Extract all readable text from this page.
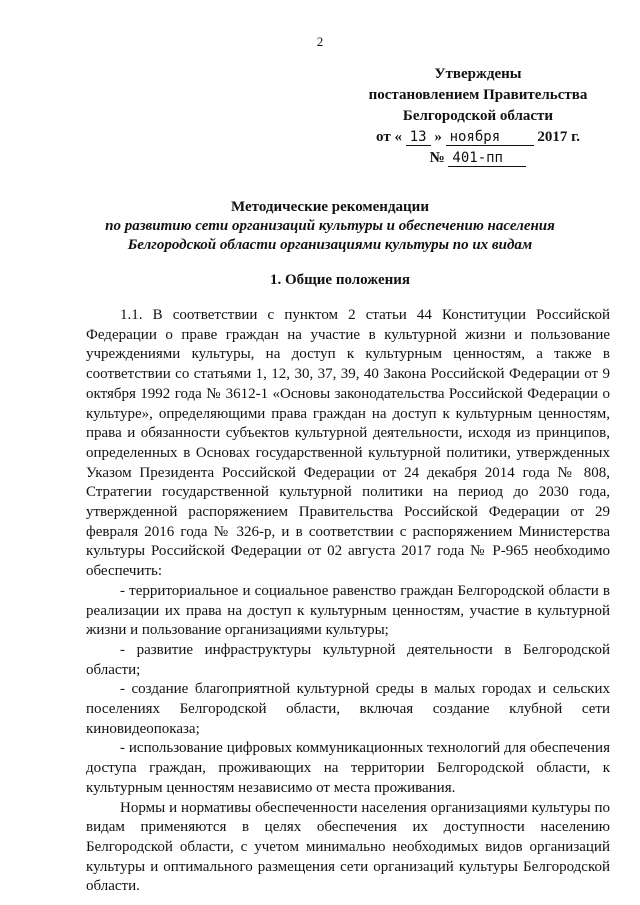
2
Утверждены
постановлением Правительства
Белгородской области
от « 13 » ноября 2017 г.
№ 401-пп
Методические рекомендации
по развитию сети организаций культуры и обеспечению населения
Белгородской области организациями культуры по их видам
1. Общие положения

1.1. В соответствии с пунктом 2 статьи 44 Конституции Российской Федерации о праве граждан на участие в культурной жизни и пользование учреждениями культуры, на доступ к культурным ценностям, а также в соответствии со статьями 1, 12, 30, 37, 39, 40 Закона Российской Федерации от 9 октября 1992 года № 3612-1 «Основы законодательства Российской Федерации о культуре», определяющими права граждан на доступ к культурным ценностям, права и обязанности субъектов культурной деятельности, исходя из принципов, определенных в Основах государственной культурной политики, утвержденных Указом Президента Российской Федерации от 24 декабря 2014 года № 808, Стратегии государственной культурной политики на период до 2030 года, утвержденной распоряжением Правительства Российской Федерации от 29 февраля 2016 года № 326-р, и в соответствии с распоряжением Министерства культуры Российской Федерации от 02 августа 2017 года № Р-965 необходимо обеспечить:

- территориальное и социальное равенство граждан Белгородской области в реализации их права на доступ к культурным ценностям, участие в культурной жизни и пользование организациями культуры;

- развитие инфраструктуры культурной деятельности в Белгородской области;

- создание благоприятной культурной среды в малых городах и сельских поселениях Белгородской области, включая создание клубной сети киновидеопоказа;

- использование цифровых коммуникационных технологий для обеспечения доступа граждан, проживающих на территории Белгородской области, к культурным ценностям независимо от места проживания.

Нормы и нормативы обеспеченности населения организациями культуры по видам применяются в целях обеспечения их доступности населению Белгородской области, с учетом минимально необходимых видов организаций культуры и оптимального размещения сети организаций культуры Белгородской области.
